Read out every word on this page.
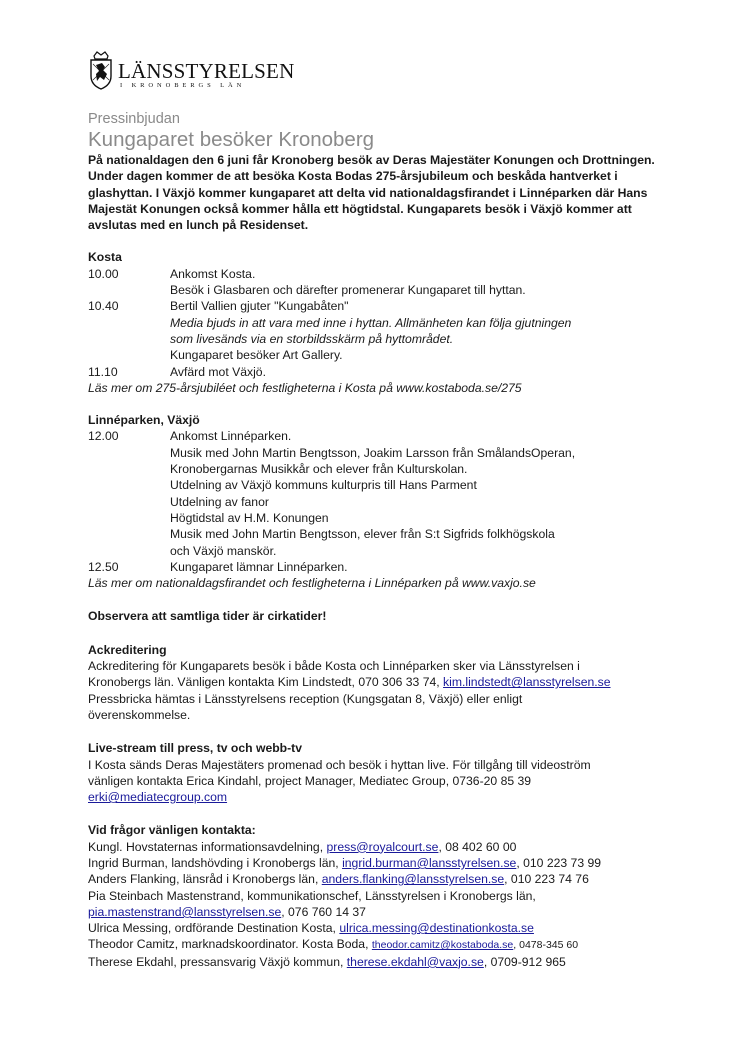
LÄNSSTYRELSEN
I KRONOBERGS LÄN
Pressinbjudan
Kungaparet besöker Kronoberg
På nationaldagen den 6 juni får Kronoberg besök av Deras Majestäter Konungen och Drottningen. Under dagen kommer de att besöka Kosta Bodas 275-årsjubileum och beskåda hantverket i glashyttan. I Växjö kommer kungaparet att delta vid nationaldagsfirandet i Linnéparken där Hans Majestät Konungen också kommer hålla ett högtidstal. Kungaparets besök i Växjö kommer att avslutas med en lunch på Residenset.
Kosta
10.00	Ankomst Kosta.
Besök i Glasbaren och därefter promenerar Kungaparet till hyttan.
10.40	Bertil Vallien gjuter "Kungabåten"
Media bjuds in att vara med inne i hyttan. Allmänheten kan följa gjutningen
som livesänds via en storbildsskärm på hyttområdet.
Kungaparet besöker Art Gallery.
11.10	Avfärd mot Växjö.
Läs mer om 275-årsjubiléet och festligheterna i Kosta på www.kostaboda.se/275
Linnéparken, Växjö
12.00	Ankomst Linnéparken.
Musik med John Martin Bengtsson, Joakim Larsson från SmålandsOperan,
Kronobergarnas Musikkår och elever från Kulturskolan.
Utdelning av Växjö kommuns kulturpris till Hans Parment
Utdelning av fanor
Högtidstal av H.M. Konungen
Musik med John Martin Bengtsson, elever från S:t Sigfrids folkhögskola
och Växjö manskör.
12.50	Kungaparet lämnar Linnéparken.
Läs mer om nationaldagsfirandet och festligheterna i Linnéparken på www.vaxjo.se
Observera att samtliga tider är cirkatider!
Ackreditering
Ackreditering för Kungaparets besök i både Kosta och Linnéparken sker via Länsstyrelsen i
Kronobergs län. Vänligen kontakta Kim Lindstedt, 070 306 33 74, kim.lindstedt@lansstyrelsen.se
Pressbricka hämtas i Länsstyrelsens reception (Kungsgatan 8, Växjö) eller enligt
överenskommelse.
Live-stream till press, tv och webb-tv
I Kosta sänds Deras Majestäters promenad och besök i hyttan live. För tillgång till videoström
vänligen kontakta Erica Kindahl, project Manager, Mediatec Group, 0736-20 85 39
erki@mediatecgroup.com
Vid frågor vänligen kontakta:
Kungl. Hovstaternas informationsavdelning, press@royalcourt.se, 08 402 60 00
Ingrid Burman, landshövding i Kronobergs län, ingrid.burman@lansstyrelsen.se, 010 223 73 99
Anders Flanking, länsråd i Kronobergs län, anders.flanking@lansstyrelsen.se, 010 223 74 76
Pia Steinbach Mastenstrand, kommunikationschef, Länsstyrelsen i Kronobergs län,
pia.mastenstrand@lansstyrelsen.se, 076 760 14 37
Ulrica Messing, ordförande Destination Kosta, ulrica.messing@destinationkosta.se
Theodor Camitz, marknadskoordinator. Kosta Boda, theodor.camitz@kostaboda.se, 0478-345 60
Therese Ekdahl, pressansvarig Växjö kommun, therese.ekdahl@vaxjo.se, 0709-912 965
